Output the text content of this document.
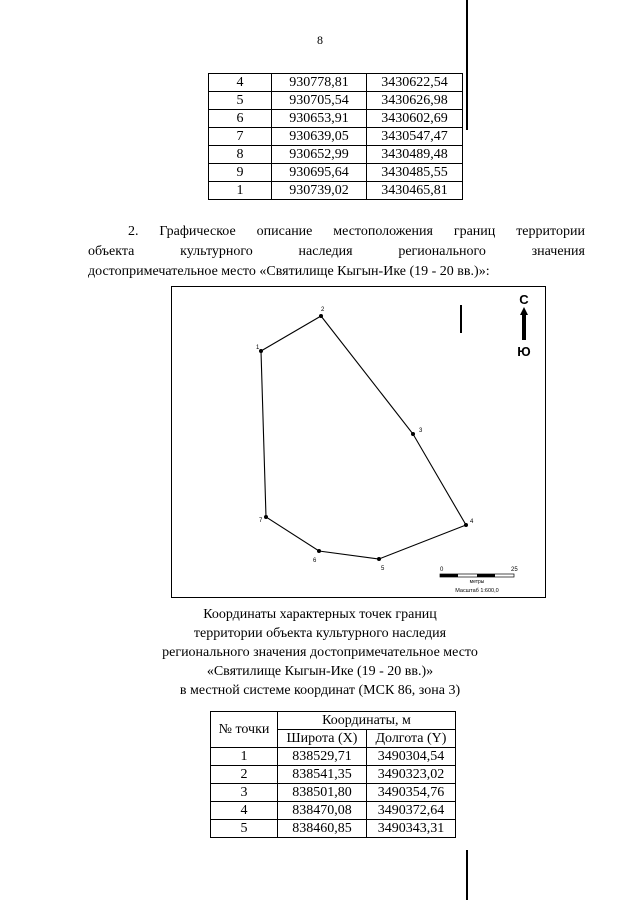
8
4	930778,81	3430622,54
5	930705,54	3430626,98
6	930653,91	3430602,69
7	930639,05	3430547,47
8	930652,99	3430489,48
9	930695,64	3430485,55
1	930739,02	3430465,81
2. Графическое описание местоположения границ территории
объекта	культурного	наследия	регионального	значения
достопримечательное место «Святилище Кыгын-Ике (19 - 20 вв.)»:
1
2
3
4
5
6
7
С
Ю
0	25
метры
Масштаб 1:600,0
Координаты характерных точек границ
территории объекта культурного наследия
регионального значения достопримечательное место
«Святилище Кыгын-Ике (19 - 20 вв.)»
в местной системе координат (МСК 86, зона 3)
№ точки	Координаты, м	
	Широта (X)	Долгота (Y)
1	838529,71	3490304,54
2	838541,35	3490323,02
3	838501,80	3490354,76
4	838470,08	3490372,64
5	838460,85	3490343,31
